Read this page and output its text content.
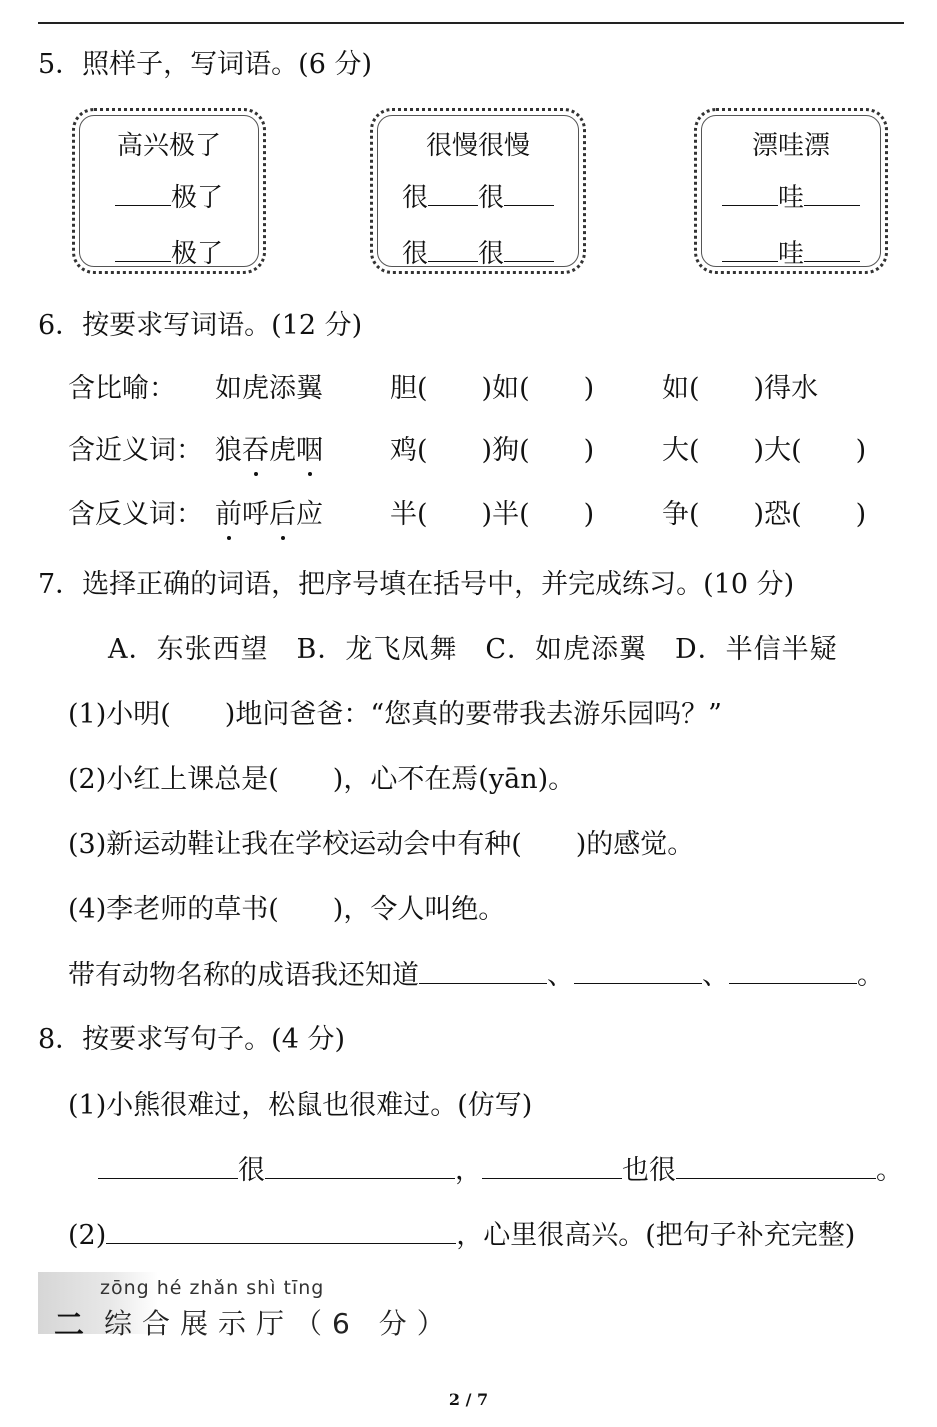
5．照样子，写词语。(6 分)
高兴极了
极了
极了
很慢很慢
很 很
很 很
漂哇漂
哇
哇
6．按要求写词语。(12 分)
含比喻： 如虎添翼 胆(　　)如(　　)	如(　　)得水
含近义词： 狼吞虎咽 鸡(　　)狗(　　)	大(　　)大(　　)
含反义词： 前呼后应 半(　　)半(　　)	争(　　)恐(　　)
7．选择正确的词语，把序号填在括号中，并完成练习。(10 分)
A．东张西望　B．龙飞凤舞　C．如虎添翼　D．半信半疑
(1)小明(　　)地问爸爸：“您真的要带我去游乐园吗？”
(2)小红上课总是(　　)，心不在焉(yān)。
(3)新运动鞋让我在学校运动会中有种(　　)的感觉。
(4)李老师的草书(　　)，令人叫绝。
带有动物名称的成语我还知道	、	、	。
8．按要求写句子。(4 分)
(1)小熊很难过，松鼠也很难过。(仿写)
很	，	也很	。
(2)	，心里很高兴。(把句子补充完整)
二
zōng hé zhǎn shì tīng
综合展示厅（6 分）
2 / 7
